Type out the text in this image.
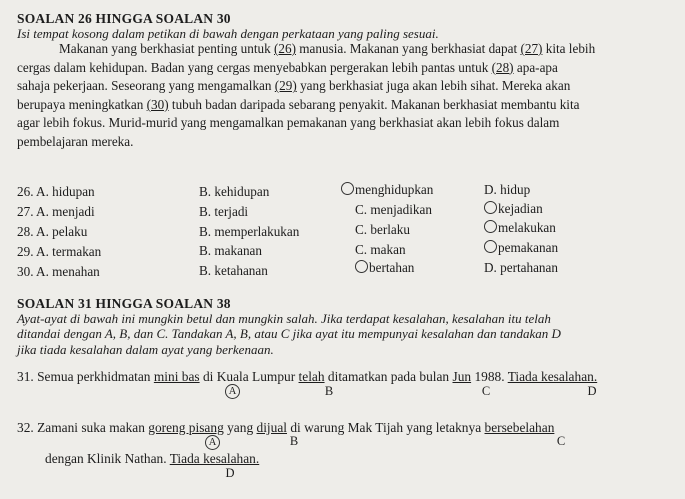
SOALAN 26 HINGGA SOALAN 30
Isi tempat kosong dalam petikan di bawah dengan perkataan yang paling sesuai.
Makanan yang berkhasiat penting untuk (26) manusia. Makanan yang berkhasiat dapat (27) kita lebih
cergas dalam kehidupan. Badan yang cergas menyebabkan pergerakan lebih pantas untuk (28) apa-apa
sahaja pekerjaan. Seseorang yang mengamalkan (29) yang berkhasiat juga akan lebih sihat. Mereka akan
berupaya meningkatkan (30) tubuh badan daripada sebarang penyakit. Makanan berkhasiat membantu kita
agar lebih fokus. Murid-murid yang mengamalkan pemakanan yang berkhasiat akan lebih fokus dalam
pembelajaran mereka.
26. A. hidupan	B. kehidupan	menghidupkan	D. hidup
27. A. menjadi	B. terjadi	C. menjadikan	kejadian
28. A. pelaku	B. memperlakukan	C. berlaku	melakukan
29. A. termakan	B. makanan	C. makan	pemakanan
30. A. menahan	B. ketahanan	bertahan	D. pertahanan
SOALAN 31 HINGGA SOALAN 38
Ayat-ayat di bawah ini mungkin betul dan mungkin salah. Jika terdapat kesalahan, kesalahan itu telah
ditandai dengan A, B, dan C. Tandakan A, B, atau C jika ayat itu mempunyai kesalahan dan tandakan D
jika tiada kesalahan dalam ayat yang berkenaan.
31. Semua perkhidmatan mini bas di Kuala Lumpur telah ditamatkan pada bulan Jun 1988. Tiada kesalahan.
A	B	C	D
32. Zamani suka makan goreng pisang yang dijual di warung Mak Tijah yang letaknya bersebelahan
A	B	C
dengan Klinik Nathan. Tiada kesalahan.
D
